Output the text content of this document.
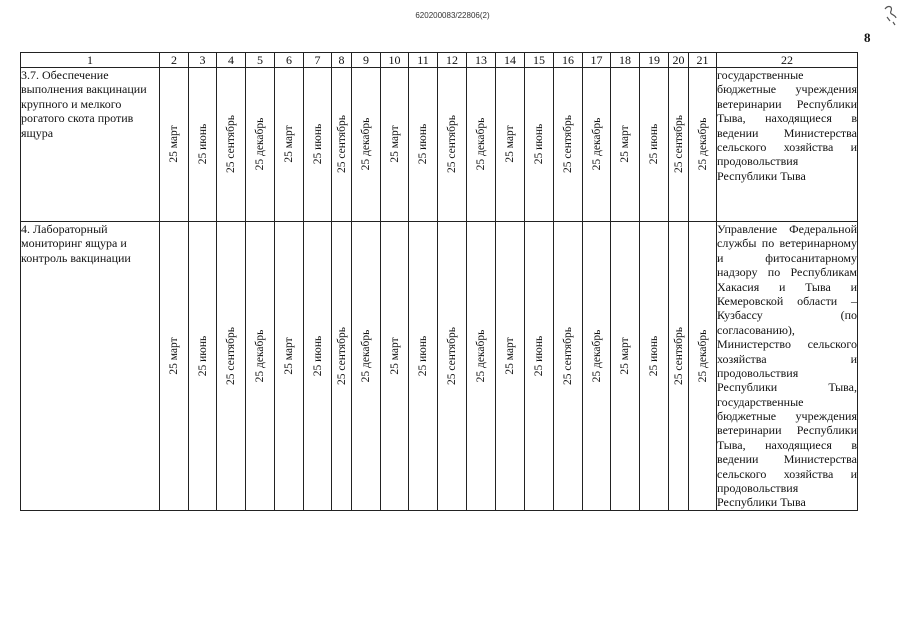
620200083/22806(2)
8
1	2	3	4	5	6	7	8	9	10	11	12	13	14	15	16	17	18	19	20	21	22
3.7. Обеспечение выполнения вакцинации крупного и мелкого рогатого скота против ящура	25 март	25 июнь	25 сентябрь	25 декабрь	25 март	25 июнь	25 сентябрь	25 декабрь	25 март	25 июнь	25 сентябрь	25 декабрь	25 март	25 июнь	25 сентябрь	25 декабрь	25 март	25 июнь	25 сентябрь	25 декабрь	государственные бюджетные учреждения ветеринарии Республики Тыва, находящиеся в ведении Министерства сельского хозяйства и продовольствия Республики Тыва
4. Лабораторный мониторинг ящура и контроль вакцинации	25 март	25 июнь	25 сентябрь	25 декабрь	25 март	25 июнь	25 сентябрь	25 декабрь	25 март	25 июнь	25 сентябрь	25 декабрь	25 март	25 июнь	25 сентябрь	25 декабрь	25 март	25 июнь	25 сентябрь	25 декабрь	Управление Федеральной службы по ветеринарному и фитосанитарному надзору по Республикам Хакасия и Тыва и Кемеровской области – Кузбассу (по согласованию), Министерство сельского хозяйства и продовольствия Республики Тыва, государственные бюджетные учреждения ветеринарии Республики Тыва, находящиеся в ведении Министерства сельского хозяйства и продовольствия Республики Тыва
